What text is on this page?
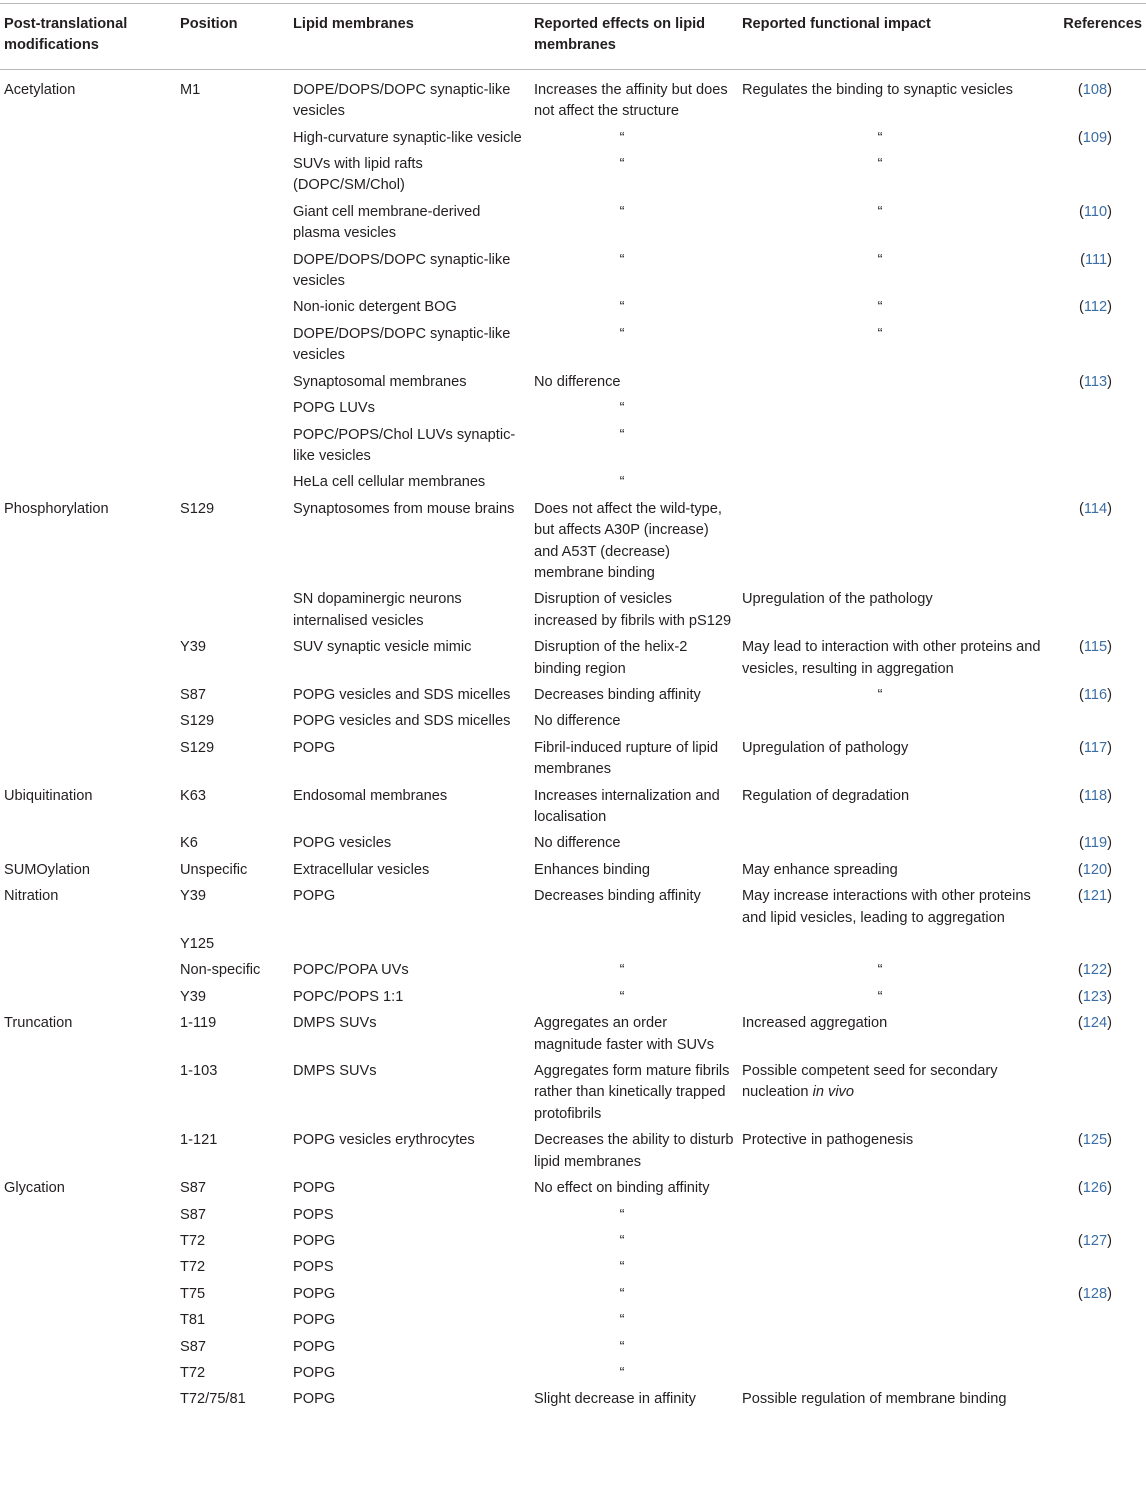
Post-translational modifications	Position	Lipid membranes	Reported effects on lipid membranes	Reported functional impact	References
Acetylation	M1	DOPE/DOPS/DOPC synaptic-like vesicles	Increases the affinity but does not affect the structure	Regulates the binding to synaptic vesicles	(108)
		High-curvature synaptic-like vesicle	“	“	(109)
		SUVs with lipid rafts (DOPC/SM/Chol)	“	“	
		Giant cell membrane-derived plasma vesicles	“	“	(110)
		DOPE/DOPS/DOPC synaptic-like vesicles	“	“	(111)
		Non-ionic detergent BOG	“	“	(112)
		DOPE/DOPS/DOPC synaptic-like vesicles	“	“	
		Synaptosomal membranes	No difference		(113)
		POPG LUVs	“		
		POPC/POPS/Chol LUVs synaptic-like vesicles	“		
		HeLa cell cellular membranes	“		
Phosphorylation	S129	Synaptosomes from mouse brains	Does not affect the wild-type, but affects A30P (increase) and A53T (decrease) membrane binding		(114)
		SN dopaminergic neurons internalised vesicles	Disruption of vesicles increased by fibrils with pS129	Upregulation of the pathology	
	Y39	SUV synaptic vesicle mimic	Disruption of the helix-2 binding region	May lead to interaction with other proteins and vesicles, resulting in aggregation	(115)
	S87	POPG vesicles and SDS micelles	Decreases binding affinity	“	(116)
	S129	POPG vesicles and SDS micelles	No difference		
	S129	POPG	Fibril-induced rupture of lipid membranes	Upregulation of pathology	(117)
Ubiquitination	K63	Endosomal membranes	Increases internalization and localisation	Regulation of degradation	(118)
	K6	POPG vesicles	No difference		(119)
SUMOylation	Unspecific	Extracellular vesicles	Enhances binding	May enhance spreading	(120)
Nitration	Y39	POPG	Decreases binding affinity	May increase interactions with other proteins and lipid vesicles, leading to aggregation	(121)
	Y125				
	Non-specific	POPC/POPA UVs	“	“	(122)
	Y39	POPC/POPS 1:1	“	“	(123)
Truncation	1-119	DMPS SUVs	Aggregates an order magnitude faster with SUVs	Increased aggregation	(124)
	1-103	DMPS SUVs	Aggregates form mature fibrils rather than kinetically trapped protofibrils	Possible competent seed for secondary nucleation in vivo	
	1-121	POPG vesicles erythrocytes	Decreases the ability to disturb lipid membranes	Protective in pathogenesis	(125)
Glycation	S87	POPG	No effect on binding affinity		(126)
	S87	POPS	“		
	T72	POPG	“		(127)
	T72	POPS	“		
	T75	POPG	“		(128)
	T81	POPG	“		
	S87	POPG	“		
	T72	POPG	“		
	T72/75/81	POPG	Slight decrease in affinity	Possible regulation of membrane binding	
